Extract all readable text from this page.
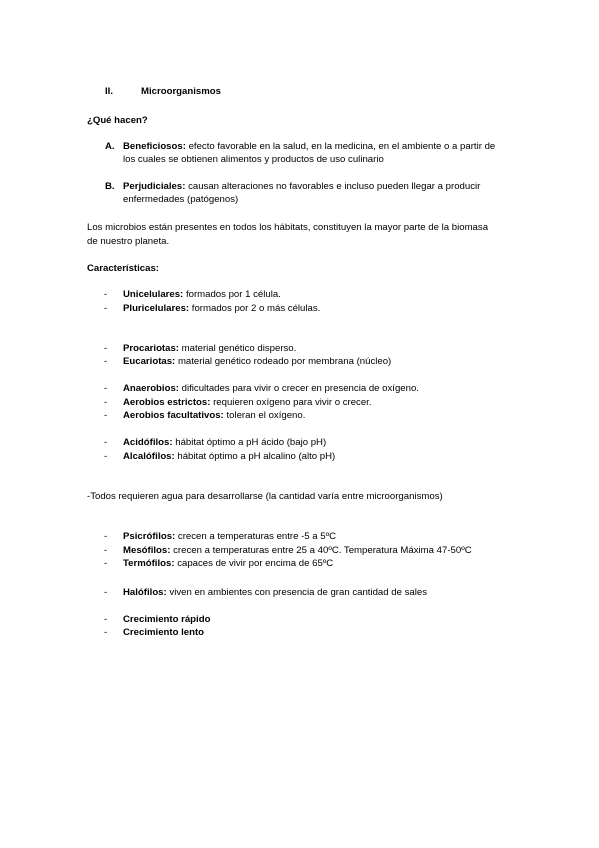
II.	Microorganismos
¿Qué hacen?
A. Beneficiosos: efecto favorable en la salud, en la medicina, en el ambiente o a partir de
los cuales se obtienen alimentos y productos de uso culinario
B. Perjudiciales: causan alteraciones no favorables e incluso pueden llegar a producir
enfermedades (patógenos)
Los microbios están presentes en todos los hábitats, constituyen la mayor parte de la biomasa
de nuestro planeta.
Características:
- Unicelulares: formados por 1 célula.
- Pluricelulares: formados por 2 o más células.
- Procariotas: material genético disperso.
- Eucariotas: material genético rodeado por membrana (núcleo)
- Anaerobios: dificultades para vivir o crecer en presencia de oxígeno.
- Aerobios estrictos: requieren oxígeno para vivir o crecer.
- Aerobios facultativos: toleran el oxígeno.
- Acidófilos: hábitat óptimo a pH ácido (bajo pH)
- Alcalófilos: hábitat óptimo a pH alcalino (alto pH)
-Todos requieren agua para desarrollarse (la cantidad varía entre microorganismos)
- Psicrófilos: crecen a temperaturas entre -5 a 5ºC
- Mesófilos: crecen a temperaturas entre 25 a 40ºC. Temperatura Máxima 47-50ºC
- Termófilos: capaces de vivir por encima de 65ºC
- Halófilos: viven en ambientes con presencia de gran cantidad de sales
- Crecimiento rápido
- Crecimiento lento
